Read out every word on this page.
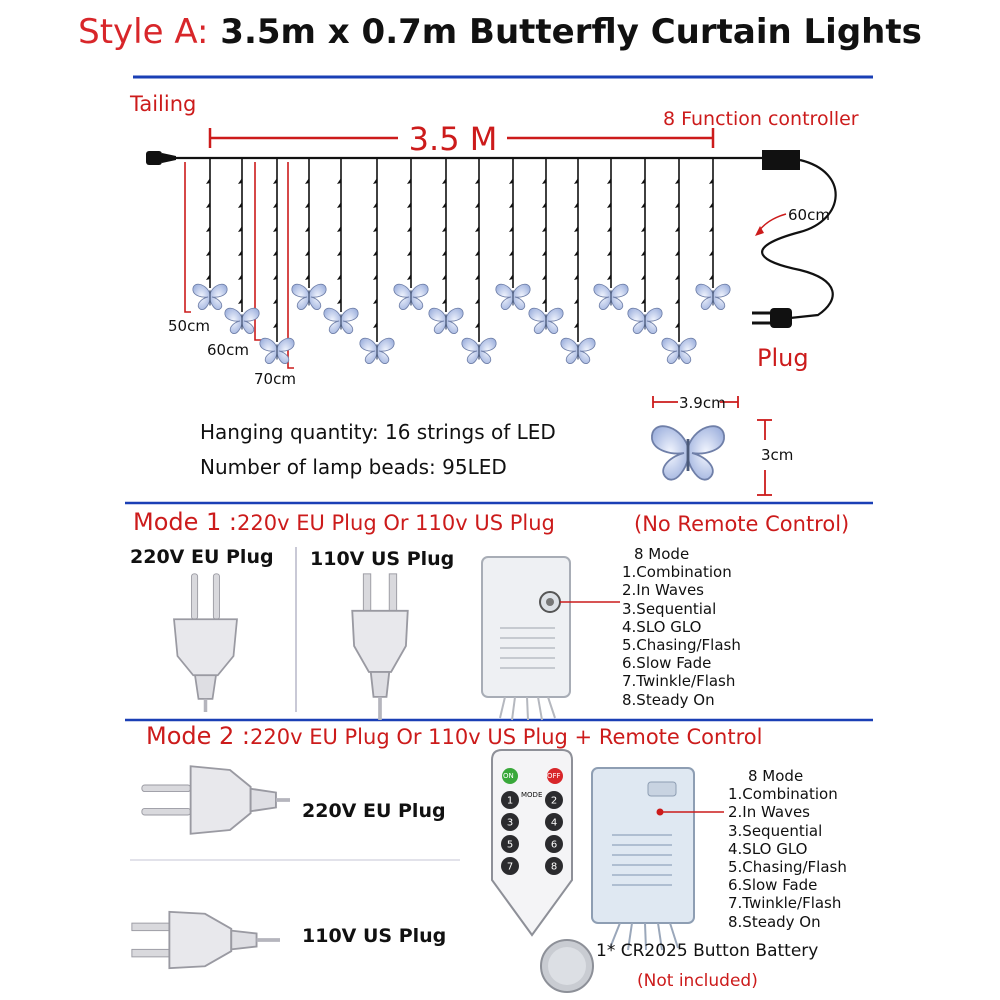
Style A: 3.5m x 0.7m Butterfly Curtain Lights
1	2
3	4
5	6
7	8
Tailing
3.5 M
8 Function controller
60cm
Plug
50cm
60cm
70cm
3.9cm
3cm
Hanging quantity: 16 strings of LED
Number of lamp beads: 95LED
Mode 1 :220v EU Plug Or 110v US Plug	(No Remote Control)
220V EU Plug 110V US Plug	8 Mode
1.Combination
2.In Waves
3.Sequential
4.SLO GLO
5.Chasing/Flash
6.Slow Fade
7.Twinkle/Flash
8.Steady On
Mode 2 :220v EU Plug Or 110v US Plug + Remote Control
220V EU Plug
110V US Plug
8 Mode
1.Combination
2.In Waves
3.Sequential
4.SLO GLO
5.Chasing/Flash
6.Slow Fade
7.Twinkle/Flash
8.Steady On
1* CR2025 Button Battery
(Not included)
ON	OFF
MODE
